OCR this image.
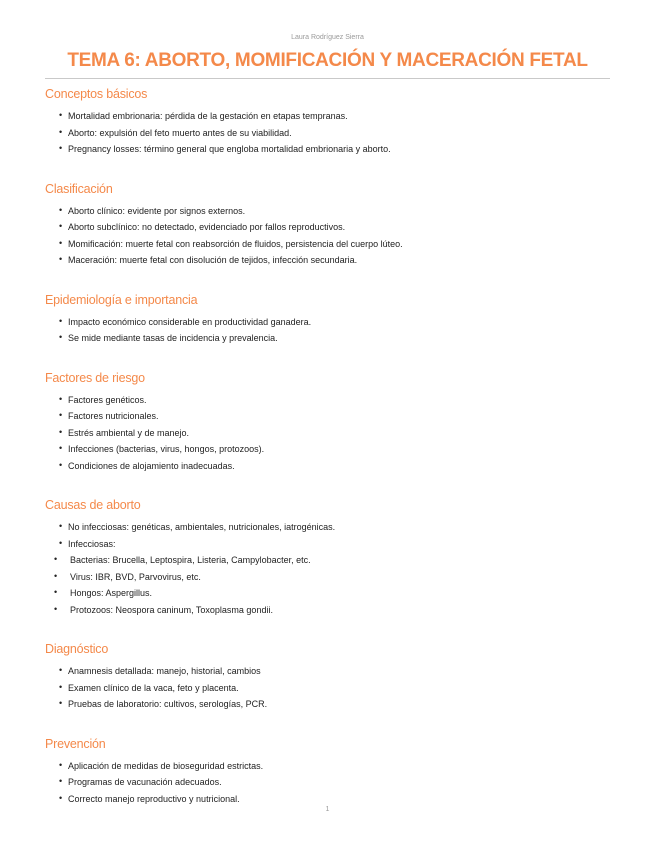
Laura Rodríguez Sierra
TEMA 6: ABORTO, MOMIFICACIÓN Y MACERACIÓN FETAL
Conceptos básicos
• Mortalidad embrionaria: pérdida de la gestación en etapas tempranas.
• Aborto: expulsión del feto muerto antes de su viabilidad.
• Pregnancy losses: término general que engloba mortalidad embrionaria y aborto.
Clasificación
• Aborto clínico: evidente por signos externos.
• Aborto subclínico: no detectado, evidenciado por fallos reproductivos.
• Momificación: muerte fetal con reabsorción de fluidos, persistencia del cuerpo lúteo.
• Maceración: muerte fetal con disolución de tejidos, infección secundaria.
Epidemiología e importancia
• Impacto económico considerable en productividad ganadera.
• Se mide mediante tasas de incidencia y prevalencia.
Factores de riesgo
• Factores genéticos.
• Factores nutricionales.
• Estrés ambiental y de manejo.
• Infecciones (bacterias, virus, hongos, protozoos).
• Condiciones de alojamiento inadecuadas.
Causas de aborto
• No infecciosas: genéticas, ambientales, nutricionales, iatrogénicas.
• Infecciosas:
• Bacterias: Brucella, Leptospira, Listeria, Campylobacter, etc.
• Virus: IBR, BVD, Parvovirus, etc.
• Hongos: Aspergillus.
• Protozoos: Neospora caninum, Toxoplasma gondii.
Diagnóstico
• Anamnesis detallada: manejo, historial, cambios
• Examen clínico de la vaca, feto y placenta.
• Pruebas de laboratorio: cultivos, serologías, PCR.
Prevención
• Aplicación de medidas de bioseguridad estrictas.
• Programas de vacunación adecuados.
• Correcto manejo reproductivo y nutricional.
1
